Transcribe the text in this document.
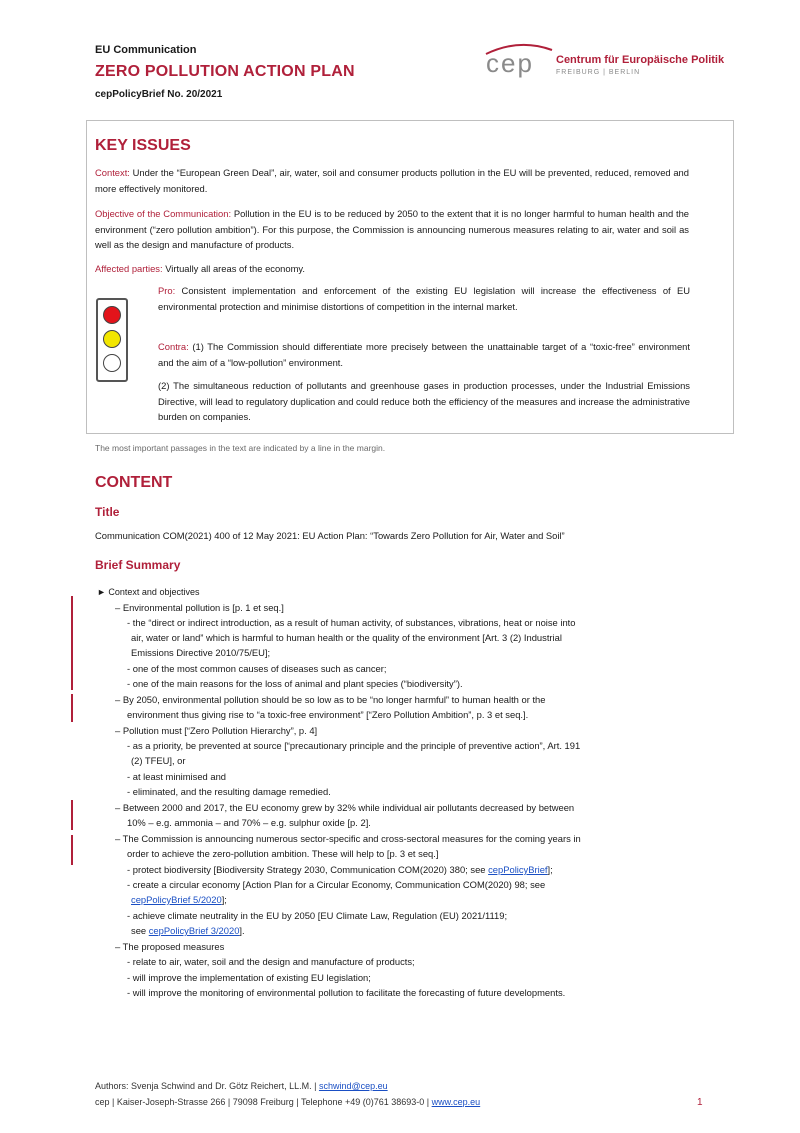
EU Communication
ZERO POLLUTION ACTION PLAN
cepPolicyBrief No. 20/2021
cep Centrum für Europäische Politik
FREIBURG | BERLIN
KEY ISSUES
Context: Under the “European Green Deal”, air, water, soil and consumer products pollution in the EU will be prevented, reduced, removed and more effectively monitored.
Objective of the Communication: Pollution in the EU is to be reduced by 2050 to the extent that it is no longer harmful to human health and the environment (“zero pollution ambition”). For this purpose, the Commission is announcing numerous measures relating to air, water and soil as well as the design and manufacture of products.
Affected parties: Virtually all areas of the economy.
Pro: Consistent implementation and enforcement of the existing EU legislation will increase the effectiveness of EU environmental protection and minimise distortions of competition in the internal market.
Contra: (1) The Commission should differentiate more precisely between the unattainable target of a “toxic-free” environment and the aim of a “low-pollution” environment.
(2) The simultaneous reduction of pollutants and greenhouse gases in production processes, under the Industrial Emissions Directive, will lead to regulatory duplication and could reduce both the efficiency of the measures and increase the administrative burden on companies.
The most important passages in the text are indicated by a line in the margin.
CONTENT
Title
Communication COM(2021) 400 of 12 May 2021: EU Action Plan: “Towards Zero Pollution for Air, Water and Soil”
Brief Summary
► Context and objectives
– Environmental pollution is [p. 1 et seq.]
- the “direct or indirect introduction, as a result of human activity, of substances, vibrations, heat or noise into
air, water or land” which is harmful to human health or the quality of the environment [Art. 3 (2) Industrial
Emissions Directive 2010/75/EU];
- one of the most common causes of diseases such as cancer;
- one of the main reasons for the loss of animal and plant species (“biodiversity”).
– By 2050, environmental pollution should be so low as to be “no longer harmful” to human health or the
environment thus giving rise to “a toxic-free environment” [“Zero Pollution Ambition”, p. 3 et seq.].
– Pollution must [“Zero Pollution Hierarchy”, p. 4]
- as a priority, be prevented at source [“precautionary principle and the principle of preventive action”, Art. 191
(2) TFEU], or
- at least minimised and
- eliminated, and the resulting damage remedied.
– Between 2000 and 2017, the EU economy grew by 32% while individual air pollutants decreased by between
10% – e.g. ammonia – and 70% – e.g. sulphur oxide [p. 2].
– The Commission is announcing numerous sector-specific and cross-sectoral measures for the coming years in
order to achieve the zero-pollution ambition. These will help to [p. 3 et seq.]
- protect biodiversity [Biodiversity Strategy 2030, Communication COM(2020) 380; see cepPolicyBrief];
- create a circular economy [Action Plan for a Circular Economy, Communication COM(2020) 98; see
cepPolicyBrief 5/2020];
- achieve climate neutrality in the EU by 2050 [EU Climate Law, Regulation (EU) 2021/1119;
see cepPolicyBrief 3/2020].
– The proposed measures
- relate to air, water, soil and the design and manufacture of products;
- will improve the implementation of existing EU legislation;
- will improve the monitoring of environmental pollution to facilitate the forecasting of future developments.
Authors: Svenja Schwind and Dr. Götz Reichert, LL.M. | schwind@cep.eu
cep | Kaiser-Joseph-Strasse 266 | 79098 Freiburg | Telephone +49 (0)761 38693-0 | www.cep.eu	1
